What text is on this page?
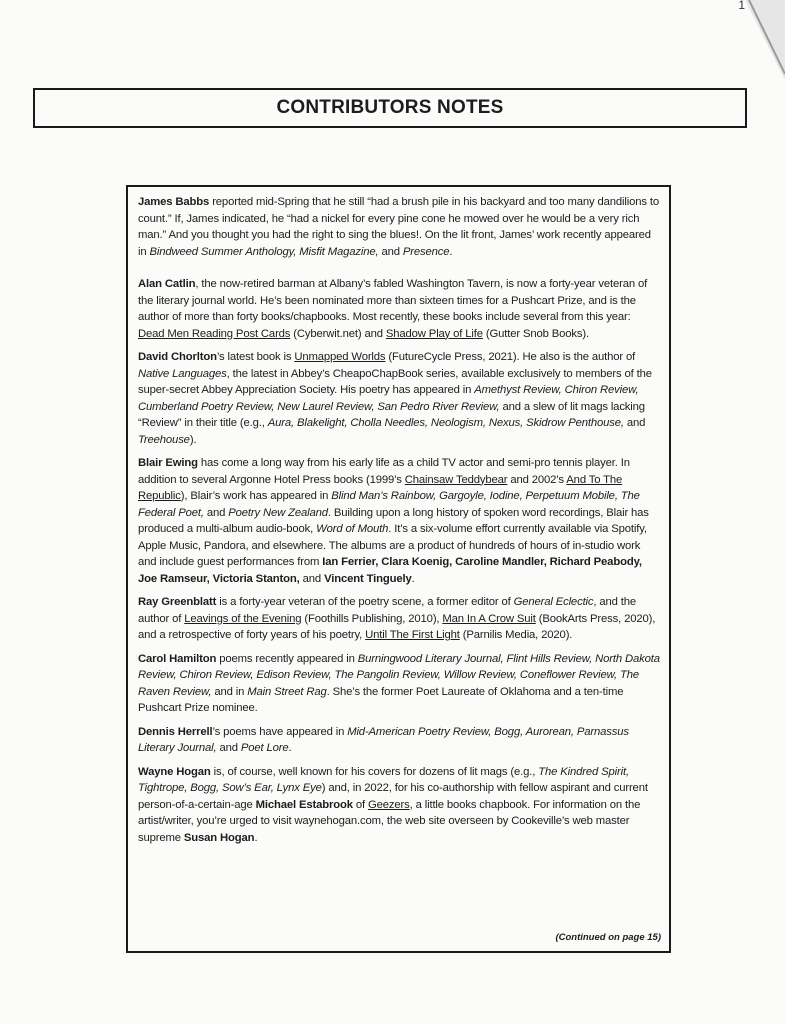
1
CONTRIBUTORS NOTES

James Babbs reported mid-Spring that he still “had a brush pile in his backyard and too many dandilions to count.” If, James indicated, he “had a nickel for every pine cone he mowed over he would be a very rich man.” And you thought you had the right to sing the blues!. On the lit front, James’ work recently appeared in Bindweed Summer Anthology, Misfit Magazine, and Presence.

Alan Catlin, the now-retired barman at Albany’s fabled Washington Tavern, is now a forty-year veteran of the literary journal world. He’s been nominated more than sixteen times for a Pushcart Prize, and is the author of more than forty books/chapbooks. Most recently, these books include several from this year: Dead Men Reading Post Cards (Cyberwit.net) and Shadow Play of Life (Gutter Snob Books).

David Chorlton’s latest book is Unmapped Worlds (FutureCycle Press, 2021). He also is the author of Native Languages, the latest in Abbey’s CheapoChapBook series, available exclusively to members of the super-secret Abbey Appreciation Society. His poetry has appeared in Amethyst Review, Chiron Review, Cumberland Poetry Review, New Laurel Review, San Pedro River Review, and a slew of lit mags lacking “Review” in their title (e.g., Aura, Blakelight, Cholla Needles, Neologism, Nexus, Skidrow Penthouse, and Treehouse).

Blair Ewing has come a long way from his early life as a child TV actor and semi-pro tennis player. In addition to several Argonne Hotel Press books (1999’s Chainsaw Teddybear and 2002’s And To The Republic), Blair’s work has appeared in Blind Man’s Rainbow, Gargoyle, Iodine, Perpetuum Mobile, The Federal Poet, and Poetry New Zealand. Building upon a long history of spoken word recordings, Blair has produced a multi-album audio-book, Word of Mouth. It’s a six-volume effort currently available via Spotify, Apple Music, Pandora, and elsewhere. The albums are a product of hundreds of hours of in-studio work and include guest performances from Ian Ferrier, Clara Koenig, Caroline Mandler, Richard Peabody, Joe Ramseur, Victoria Stanton, and Vincent Tinguely.

Ray Greenblatt is a forty-year veteran of the poetry scene, a former editor of General Eclectic, and the author of Leavings of the Evening (Foothills Publishing, 2010), Man In A Crow Suit (BookArts Press, 2020), and a retrospective of forty years of his poetry, Until The First Light (Parnilis Media, 2020).

Carol Hamilton poems recently appeared in Burningwood Literary Journal, Flint Hills Review, North Dakota Review, Chiron Review, Edison Review, The Pangolin Review, Willow Review, Coneflower Review, The Raven Review, and in Main Street Rag. She’s the former Poet Laureate of Oklahoma and a ten-time Pushcart Prize nominee.

Dennis Herrell’s poems have appeared in Mid-American Poetry Review, Bogg, Aurorean, Parnassus Literary Journal, and Poet Lore.

Wayne Hogan is, of course, well known for his covers for dozens of lit mags (e.g., The Kindred Spirit, Tightrope, Bogg, Sow’s Ear, Lynx Eye) and, in 2022, for his co-authorship with fellow aspirant and current person-of-a-certain-age Michael Estabrook of Geezers, a little books chapbook. For information on the artist/writer, you’re urged to visit waynehogan.com, the web site overseen by Cookeville’s web master supreme Susan Hogan.

(Continued on page 15)
